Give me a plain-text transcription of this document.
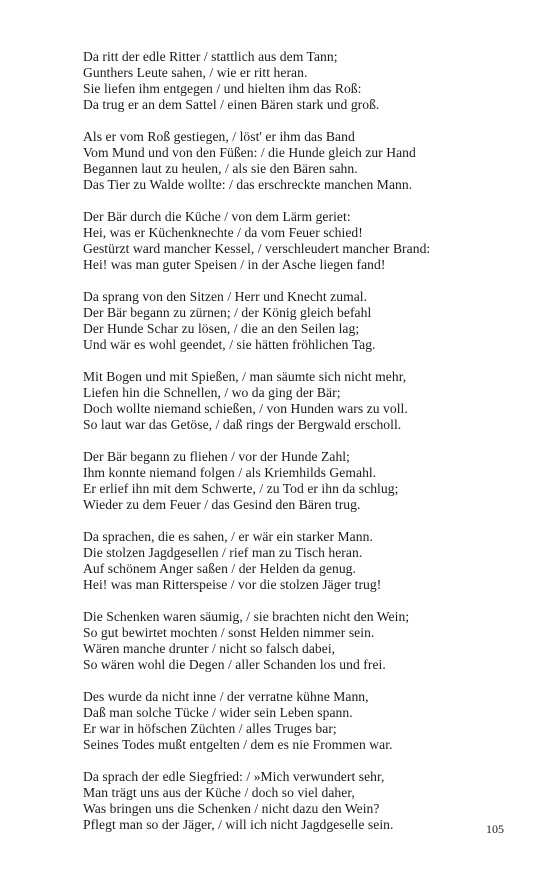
Da ritt der edle Ritter / stattlich aus dem Tann;
Gunthers Leute sahen, / wie er ritt heran.
Sie liefen ihm entgegen / und hielten ihm das Roß:
Da trug er an dem Sattel / einen Bären stark und groß.
Als er vom Roß gestiegen, / löst' er ihm das Band
Vom Mund und von den Füßen: / die Hunde gleich zur Hand
Begannen laut zu heulen, / als sie den Bären sahn.
Das Tier zu Walde wollte: / das erschreckte manchen Mann.
Der Bär durch die Küche / von dem Lärm geriet:
Hei, was er Küchenknechte / da vom Feuer schied!
Gestürzt ward mancher Kessel, / verschleudert mancher Brand:
Hei! was man guter Speisen / in der Asche liegen fand!
Da sprang von den Sitzen / Herr und Knecht zumal.
Der Bär begann zu zürnen; / der König gleich befahl
Der Hunde Schar zu lösen, / die an den Seilen lag;
Und wär es wohl geendet, / sie hätten fröhlichen Tag.
Mit Bogen und mit Spießen, / man säumte sich nicht mehr,
Liefen hin die Schnellen, / wo da ging der Bär;
Doch wollte niemand schießen, / von Hunden wars zu voll.
So laut war das Getöse, / daß rings der Bergwald erscholl.
Der Bär begann zu fliehen / vor der Hunde Zahl;
Ihm konnte niemand folgen / als Kriemhilds Gemahl.
Er erlief ihn mit dem Schwerte, / zu Tod er ihn da schlug;
Wieder zu dem Feuer / das Gesind den Bären trug.
Da sprachen, die es sahen, / er wär ein starker Mann.
Die stolzen Jagdgesellen / rief man zu Tisch heran.
Auf schönem Anger saßen / der Helden da genug.
Hei! was man Ritterspeise / vor die stolzen Jäger trug!
Die Schenken waren säumig, / sie brachten nicht den Wein;
So gut bewirtet mochten / sonst Helden nimmer sein.
Wären manche drunter / nicht so falsch dabei,
So wären wohl die Degen / aller Schanden los und frei.
Des wurde da nicht inne / der verratne kühne Mann,
Daß man solche Tücke / wider sein Leben spann.
Er war in höfschen Züchten / alles Truges bar;
Seines Todes mußt entgelten / dem es nie Frommen war.
Da sprach der edle Siegfried: / »Mich verwundert sehr,
Man trägt uns aus der Küche / doch so viel daher,
Was bringen uns die Schenken / nicht dazu den Wein?
Pflegt man so der Jäger, / will ich nicht Jagdgeselle sein.	105
